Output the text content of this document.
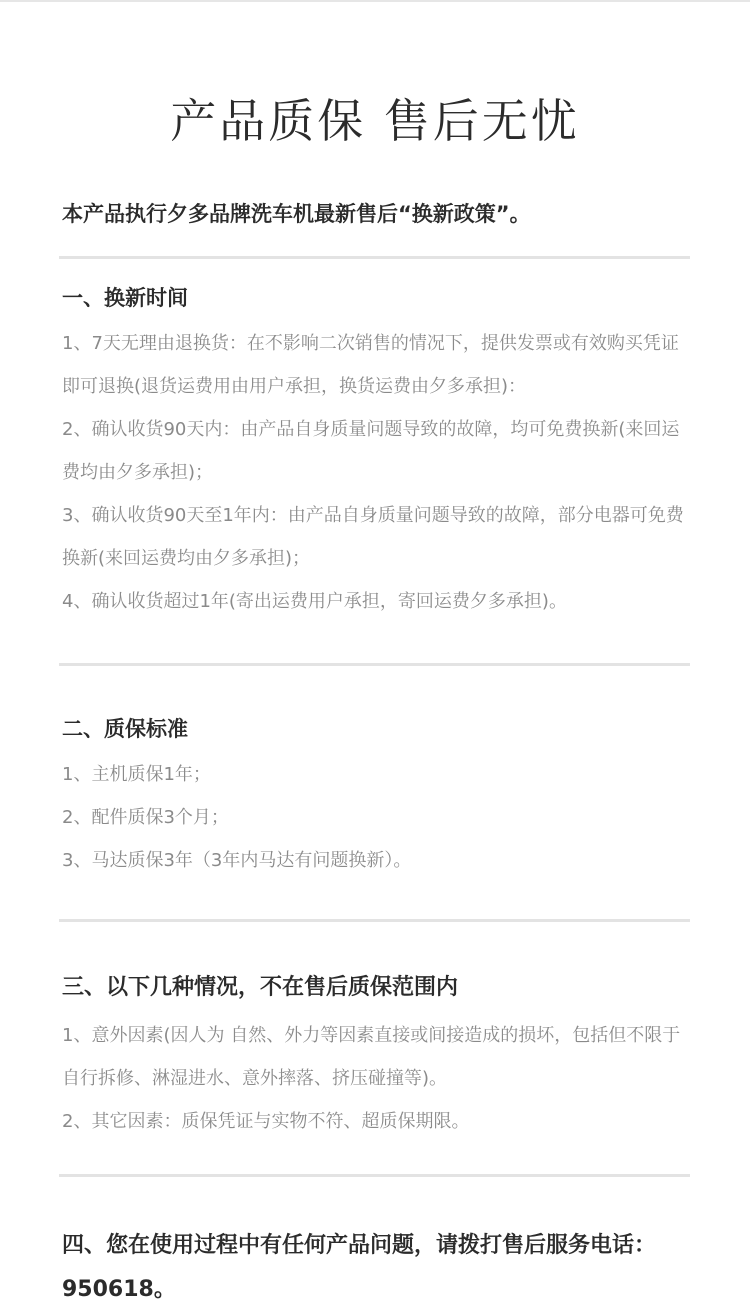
产品质保 售后无忧

本产品执行夕多品牌洗车机最新售后“换新政策”。

一、换新时间

1、7天无理由退换货：在不影响二次销售的情况下，提供发票或有效购买凭证即可退换(退货运费用由用户承担，换货运费由夕多承担)：

2、确认收货90天内：由产品自身质量问题导致的故障，均可免费换新(来回运费均由夕多承担)；

3、确认收货90天至1年内：由产品自身质量问题导致的故障，部分电器可免费换新(来回运费均由夕多承担)；

4、确认收货超过1年(寄出运费用户承担，寄回运费夕多承担)。

二、质保标准

1、主机质保1年；

2、配件质保3个月；

3、马达质保3年（3年内马达有问题换新）。

三、以下几种情况，不在售后质保范围内

1、意外因素(因人为 自然、外力等因素直接或间接造成的损坏，包括但不限于自行拆修、淋湿进水、意外摔落、挤压碰撞等)。

2、其它因素：质保凭证与实物不符、超质保期限。

四、您在使用过程中有任何产品问题，请拨打售后服务电话：950618。
